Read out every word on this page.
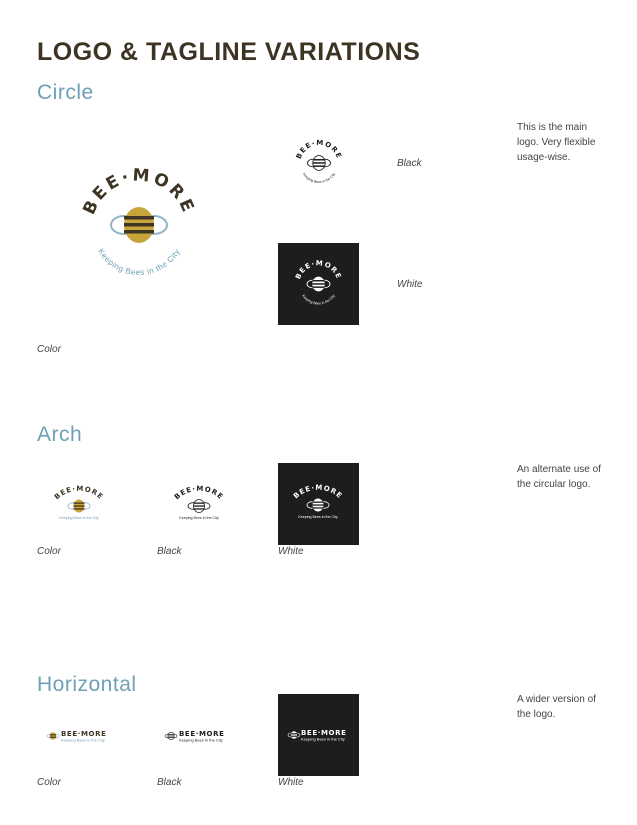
LOGO & TAGLINE VARIATIONS
Circle
BEE·MORE
Keeping Bees in the City
Color
BEE·MORE
Keeping Bees in the City
Black
BEE·MORE
Keeping Bees in the City
White
This is the main logo. Very flexible usage-wise.
Arch
BEE·MORE
Keeping Bees in the City
Color
BEE·MORE
Keeping Bees in the City
Black
BEE·MORE
Keeping Bees in the City
White
An alternate use of the circular logo.
Horizontal
BEE·MORE
Keeping Bees in the City
Color
BEE·MORE
Keeping Bees in the City
Black
BEE·MORE
Keeping Bees in the City
White
A wider version of the logo.
